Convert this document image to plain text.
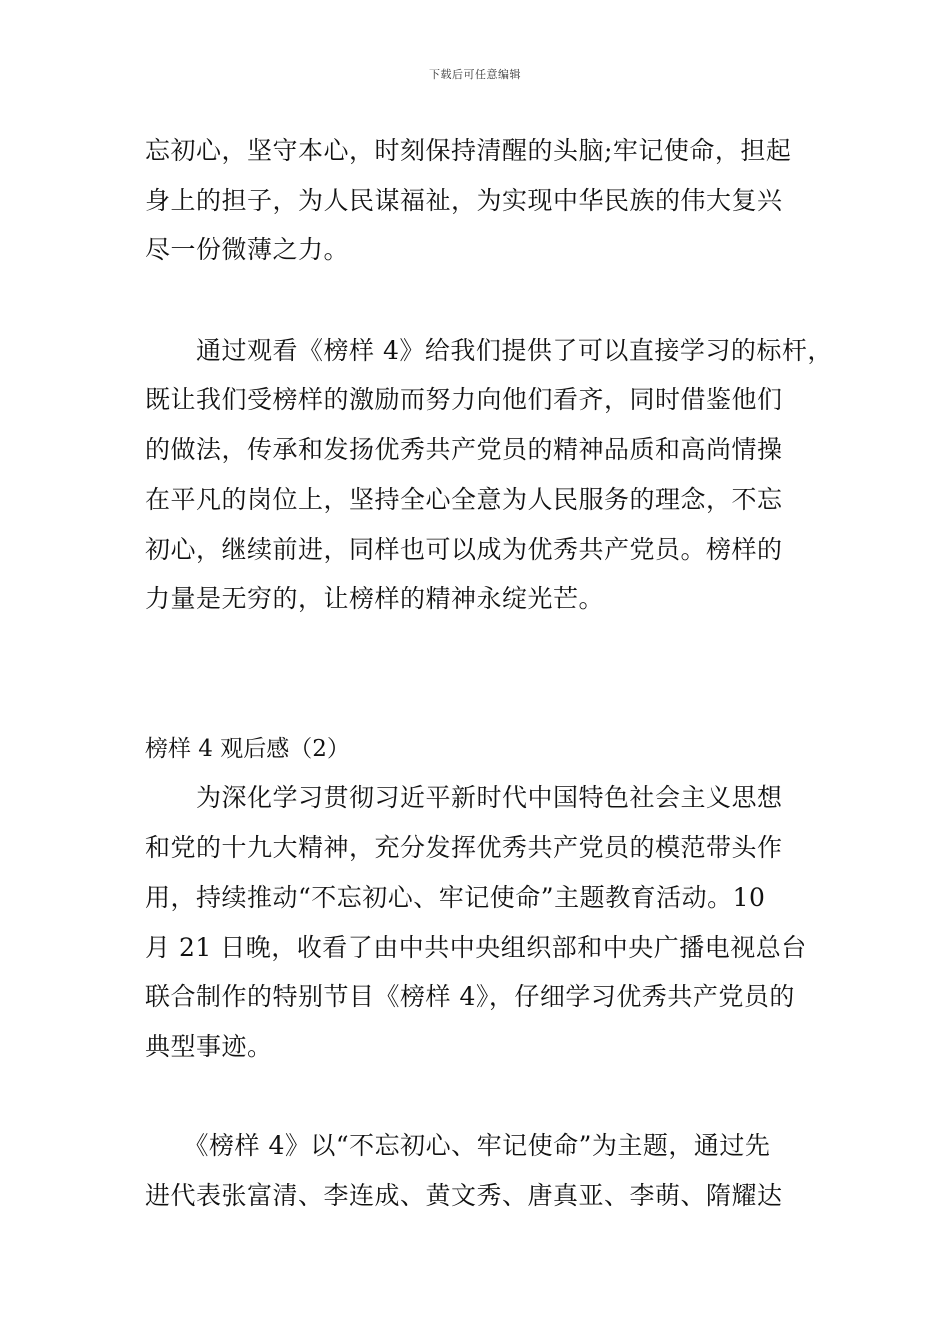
下载后可任意编辑
忘初心，坚守本心，时刻保持清醒的头脑;牢记使命，担起
身上的担子，为人民谋福祉，为实现中华民族的伟大复兴
尽一份微薄之力。
　　通过观看《榜样 4》给我们提供了可以直接学习的标杆，
既让我们受榜样的激励而努力向他们看齐，同时借鉴他们
的做法，传承和发扬优秀共产党员的精神品质和高尚情操
在平凡的岗位上，坚持全心全意为人民服务的理念，不忘
初心，继续前进，同样也可以成为优秀共产党员。榜样的
力量是无穷的，让榜样的精神永绽光芒。
榜样 4 观后感（2）
　　为深化学习贯彻习近平新时代中国特色社会主义思想
和党的十九大精神，充分发挥优秀共产党员的模范带头作
用，持续推动“不忘初心、牢记使命”主题教育活动。10
月 21 日晚，收看了由中共中央组织部和中央广播电视总台
联合制作的特别节目《榜样 4》，仔细学习优秀共产党员的
典型事迹。
　　《榜样 4》以“不忘初心、牢记使命”为主题，通过先
进代表张富清、李连成、黄文秀、唐真亚、李萌、隋耀达
